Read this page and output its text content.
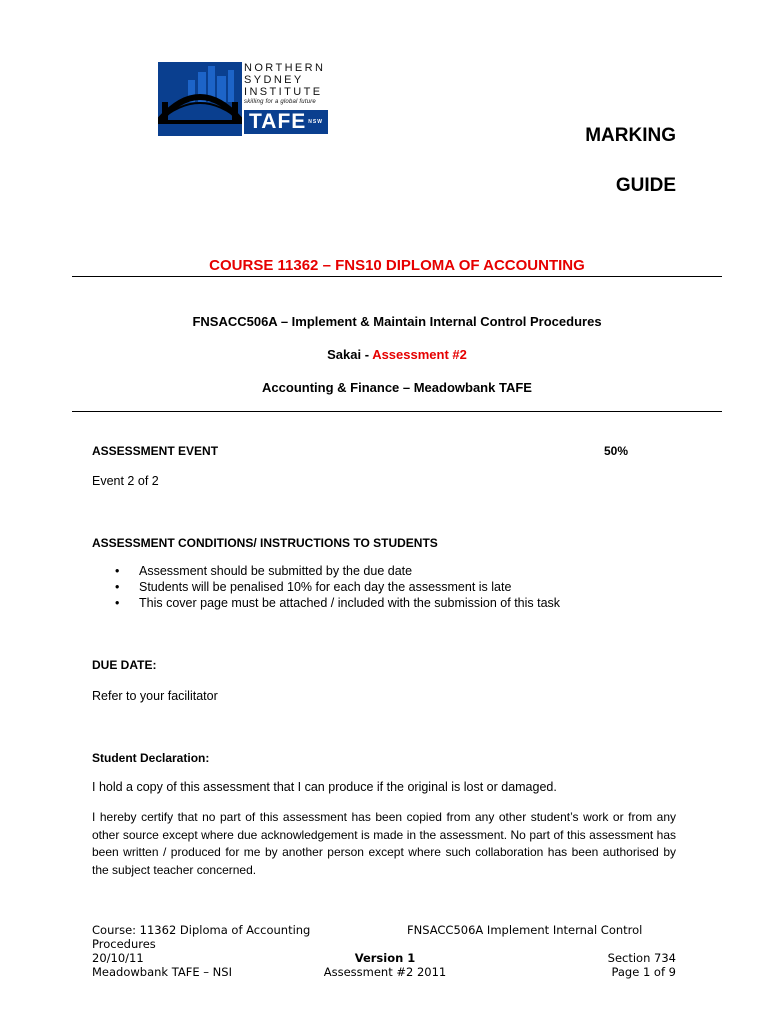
NORTHERN
SYDNEY
INSTITUTE
skilling for a global future
TAFE NSW
MARKING
GUIDE
COURSE 11362 – FNS10 DIPLOMA OF ACCOUNTING
FNSACC506A – Implement & Maintain Internal Control Procedures
Sakai - Assessment #2
Accounting & Finance – Meadowbank TAFE
ASSESSMENT EVENT	50%
Event 2 of 2
ASSESSMENT CONDITIONS/ INSTRUCTIONS TO STUDENTS
• Assessment should be submitted by the due date
• Students will be penalised 10% for each day the assessment is late
• This cover page must be attached / included with the submission of this task
DUE DATE:
Refer to your facilitator
Student Declaration:
I hold a copy of this assessment that I can produce if the original is lost or damaged.
I hereby certify that no part of this assessment has been copied from any other student’s work or from any other source except where due acknowledgement is made in the assessment. No part of this assessment has been written / produced for me by another person except where such collaboration has been authorised by the subject teacher concerned.
Course: 11362 Diploma of Accounting	FNSACC506A Implement Internal Control
Procedures
20/10/11	Version 1	Section 734
Meadowbank TAFE – NSI	Assessment #2 2011	Page 1 of 9
